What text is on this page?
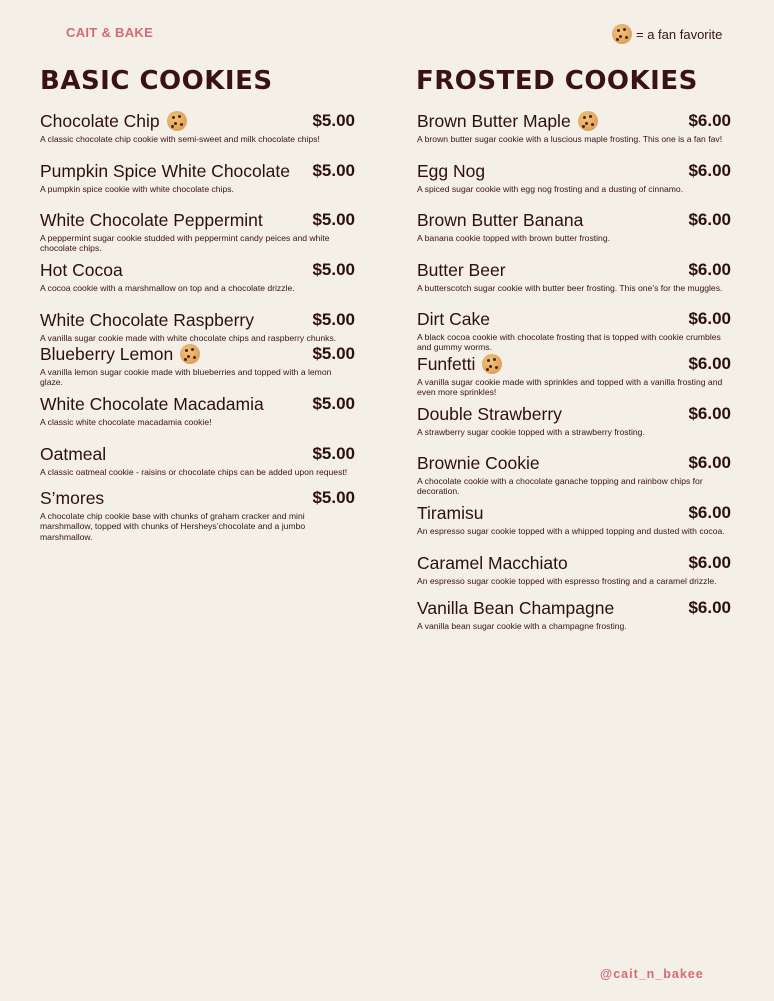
CAIT & BAKE	= a fan favorite
BASIC COOKIES	FROSTED COOKIES
Chocolate Chip	$5.00
A classic chocolate chip cookie with semi-sweet and milk chocolate chips!
Pumpkin Spice White Chocolate $5.00
A pumpkin spice cookie with white chocolate chips.
White Chocolate Peppermint	$5.00
A peppermint sugar cookie studded with peppermint candy peices and white chocolate chips.
Hot Cocoa	$5.00
A cocoa cookie with a marshmallow on top and a chocolate drizzle.
White Chocolate Raspberry	$5.00
A vanilla sugar cookie made with white chocolate chips and raspberry chunks.
Blueberry Lemon	$5.00
A vanilla lemon sugar cookie made with blueberries and topped with a lemon glaze.
White Chocolate Macadamia	$5.00
A classic white chocolate macadamia cookie!
Oatmeal	$5.00
A classic oatmeal cookie - raisins or chocolate chips can be added upon request!
S’mores	$5.00
A chocolate chip cookie base with chunks of graham cracker and mini marshmallow, topped with chunks of Hersheys’chocolate and a jumbo marshmallow.
Brown Butter Maple	$6.00
A brown butter sugar cookie with a luscious maple frosting. This one is a fan fav!
Egg Nog	$6.00
A spiced sugar cookie with egg nog frosting and a dusting of cinnamo.
Brown Butter Banana	$6.00
A banana cookie topped with brown butter frosting.
Butter Beer	$6.00
A butterscotch sugar cookie with butter beer frosting. This one’s for the muggles.
Dirt Cake	$6.00
A black cocoa cookie with chocolate frosting that is topped with cookie crumbles and gummy worms.
Funfetti	$6.00
A vanilla sugar cookie made with sprinkles and topped with a vanilla frosting and even more sprinkles!
Double Strawberry	$6.00
A strawberry sugar cookie topped with a strawberry frosting.
Brownie Cookie	$6.00
A chocolate cookie with a chocolate ganache topping and rainbow chips for decoration.
Tiramisu	$6.00
An espresso sugar cookie topped with a whipped topping and dusted with cocoa.
Caramel Macchiato	$6.00
An espresso sugar cookie topped with espresso frosting and a caramel drizzle.
Vanilla Bean Champagne	$6.00
A vanilla bean sugar cookie with a champagne frosting.
@cait_n_bakee
